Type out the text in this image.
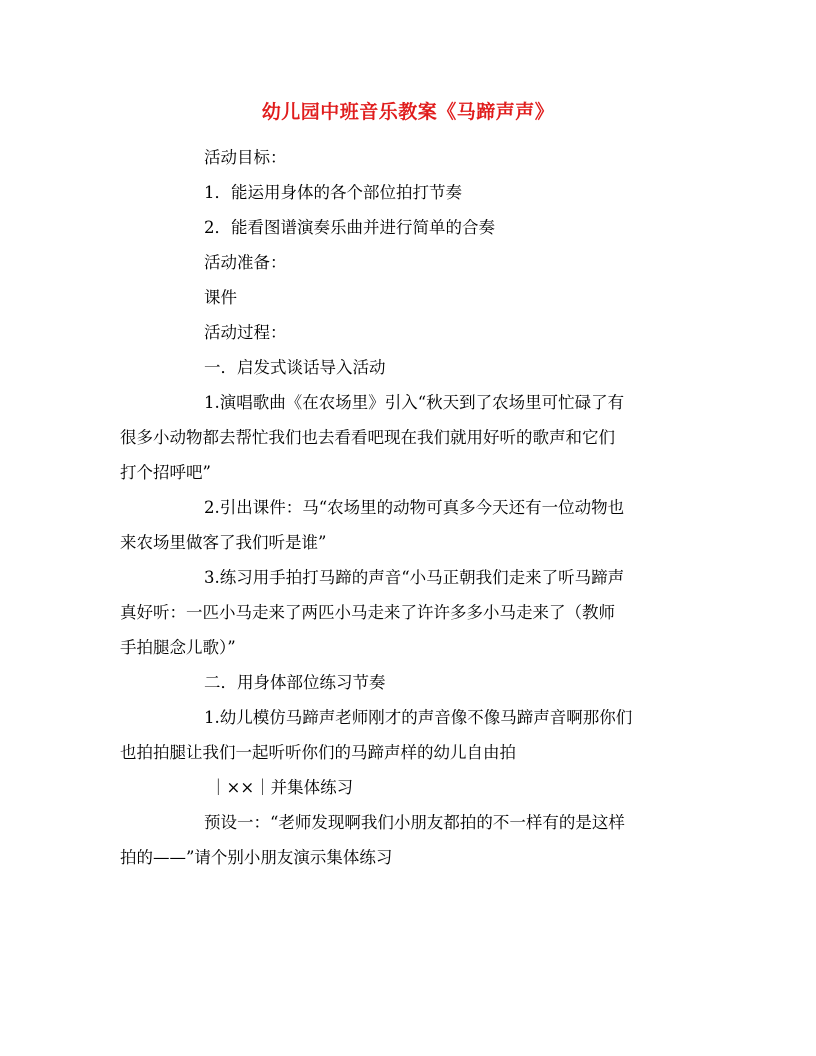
幼儿园中班音乐教案《马蹄声声》

活动目标：

1．能运用身体的各个部位拍打节奏

2．能看图谱演奏乐曲并进行简单的合奏

活动准备：

课件

活动过程：

一．启发式谈话导入活动

1.演唱歌曲《在农场里》引入“秋天到了农场里可忙碌了有
很多小动物都去帮忙我们也去看看吧现在我们就用好听的歌声和它们
打个招呼吧”
2.引出课件：马“农场里的动物可真多今天还有一位动物也
来农场里做客了我们听是谁”
3.练习用手拍打马蹄的声音“小马正朝我们走来了听马蹄声
真好听：一匹小马走来了两匹小马走来了许许多多小马走来了（教师
手拍腿念儿歌）”

二．用身体部位练习节奏

1.幼儿模仿马蹄声老师刚才的声音像不像马蹄声音啊那你们
也拍拍腿让我们一起听听你们的马蹄声样的幼儿自由拍

｜××｜并集体练习

预设一：“老师发现啊我们小朋友都拍的不一样有的是这样
拍的——”请个别小朋友演示集体练习
